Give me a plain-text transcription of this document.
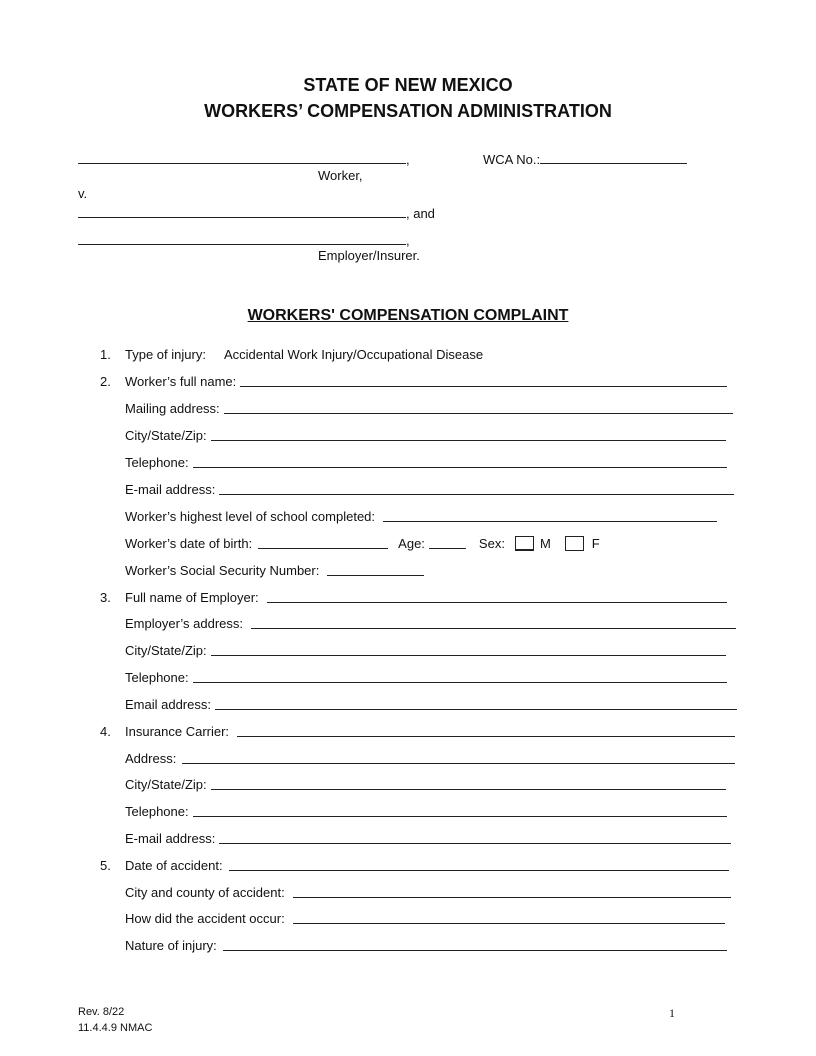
STATE OF NEW MEXICO
WORKERS’ COMPENSATION ADMINISTRATION
,	WCA No.:
Worker,
v.
, and
,
Employer/Insurer.
WORKERS' COMPENSATION COMPLAINT
1. Type of injury:	Accidental Work Injury/Occupational Disease
2. Worker’s full name:
Mailing address:
City/State/Zip:
Telephone:
E-mail address:
Worker’s highest level of school completed:
Worker’s date of birth:	Age:	Sex:	M	F
Worker’s Social Security Number:
3. Full name of Employer:
Employer’s address:
City/State/Zip:
Telephone:
Email address:
4. Insurance Carrier:
Address:
City/State/Zip:
Telephone:
E-mail address:
5. Date of accident:
City and county of accident:
How did the accident occur:
Nature of injury:
Rev. 8/22
11.4.4.9 NMAC
1
